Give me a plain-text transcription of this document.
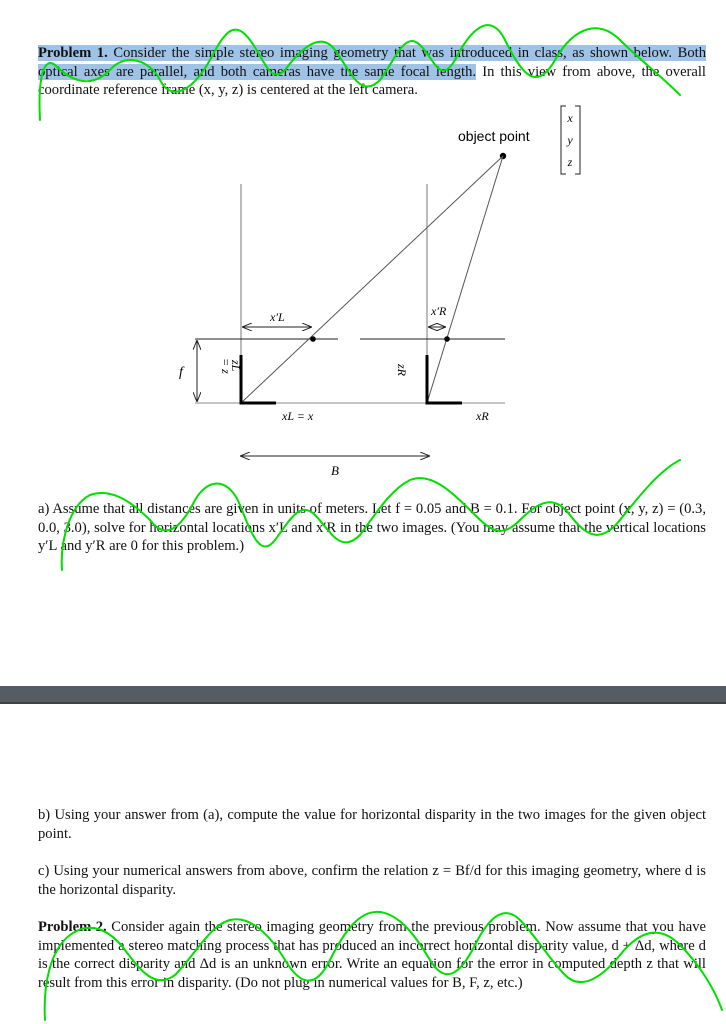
Problem 1. Consider the simple stereo imaging geometry that was introduced in class, as shown below. Both optical axes are parallel, and both cameras have the same focal length. In this view from above, the overall coordinate reference frame (x, y, z) is centered at the left camera.

object point
x
y
z
f
x′L	x′R
zL
= z	zR
xL = x	xR
B

a) Assume that all distances are given in units of meters. Let f = 0.05 and B = 0.1. For object point (x, y, z) = (0.3, 0.0, 3.0), solve for horizontal locations x′L and x′R in the two images. (You may assume that the vertical locations y′L and y′R are 0 for this problem.)

b) Using your answer from (a), compute the value for horizontal disparity in the two images for the given object point.

c) Using your numerical answers from above, confirm the relation z = Bf/d for this imaging geometry, where d is the horizontal disparity.

Problem 2. Consider again the stereo imaging geometry from the previous problem. Now assume that you have implemented a stereo matching process that has produced an incorrect horizontal disparity value, d + Δd, where d is the correct disparity and Δd is an unknown error. Write an equation for the error in computed depth z that will result from this error in disparity. (Do not plug in numerical values for B, F, z, etc.)
